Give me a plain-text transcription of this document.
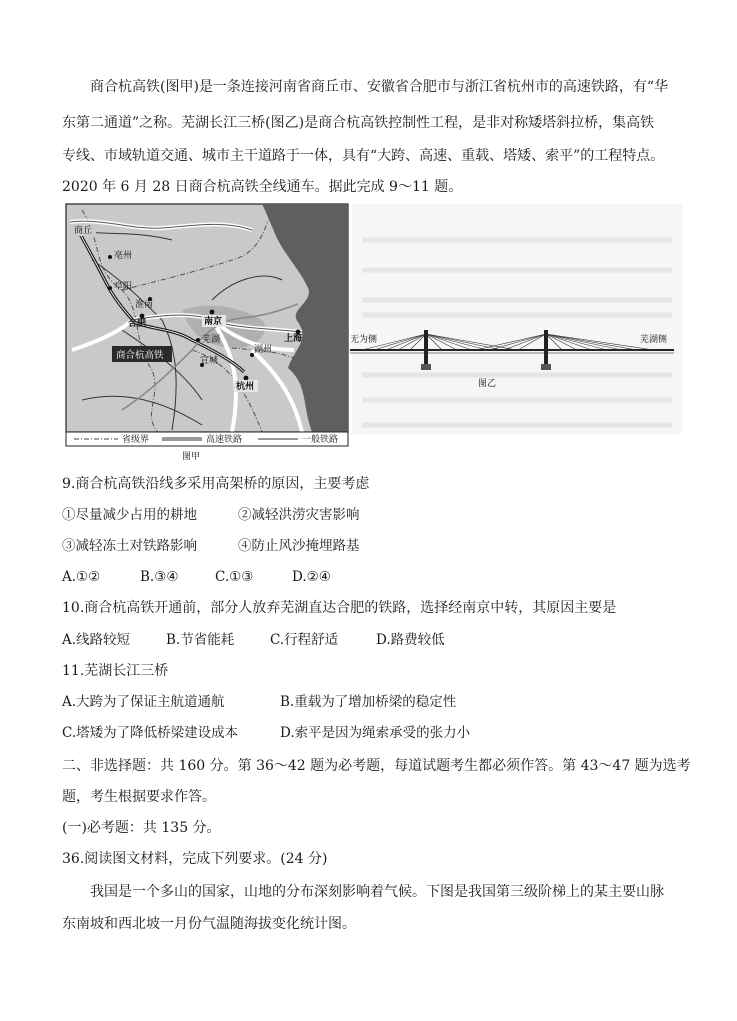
商合杭高铁(图甲)是一条连接河南省商丘市、安徽省合肥市与浙江省杭州市的高速铁路，有“华
东第二通道”之称。芜湖长江三桥(图乙)是商合杭高铁控制性工程，是非对称矮塔斜拉桥，集高铁
专线、市域轨道交通、城市主干道路于一体，具有“大跨、高速、重载、塔矮、索平”的工程特点。
2020 年 6 月 28 日商合杭高铁全线通车。据此完成 9～11 题。
商丘
亳州
阜阳
淮南
合肥	南京
芜湖	上海
湖州
宣城
杭州
商合杭高铁
省级界	高速铁路	一般铁路
图甲
无为侧	芜湖侧
图乙
9.商合杭高铁沿线多采用高架桥的原因，主要考虑
①尽量减少占用的耕地	②减轻洪涝灾害影响
③减轻冻土对铁路影响	④防止风沙掩埋路基
A.①②	B.③④	C.①③	D.②④
10.商合杭高铁开通前，部分人放弃芜湖直达合肥的铁路，选择经南京中转，其原因主要是
A.线路较短	B.节省能耗	C.行程舒适	D.路费较低
11.芜湖长江三桥
A.大跨为了保证主航道通航	B.重载为了增加桥梁的稳定性
C.塔矮为了降低桥梁建设成本	D.索平是因为绳索承受的张力小
二、非选择题：共 160 分。第 36～42 题为必考题，每道试题考生都必须作答。第 43～47 题为选考
题，考生根据要求作答。
(一)必考题：共 135 分。
36.阅读图文材料，完成下列要求。(24 分)
我国是一个多山的国家，山地的分布深刻影响着气候。下图是我国第三级阶梯上的某主要山脉
东南坡和西北坡一月份气温随海拔变化统计图。
